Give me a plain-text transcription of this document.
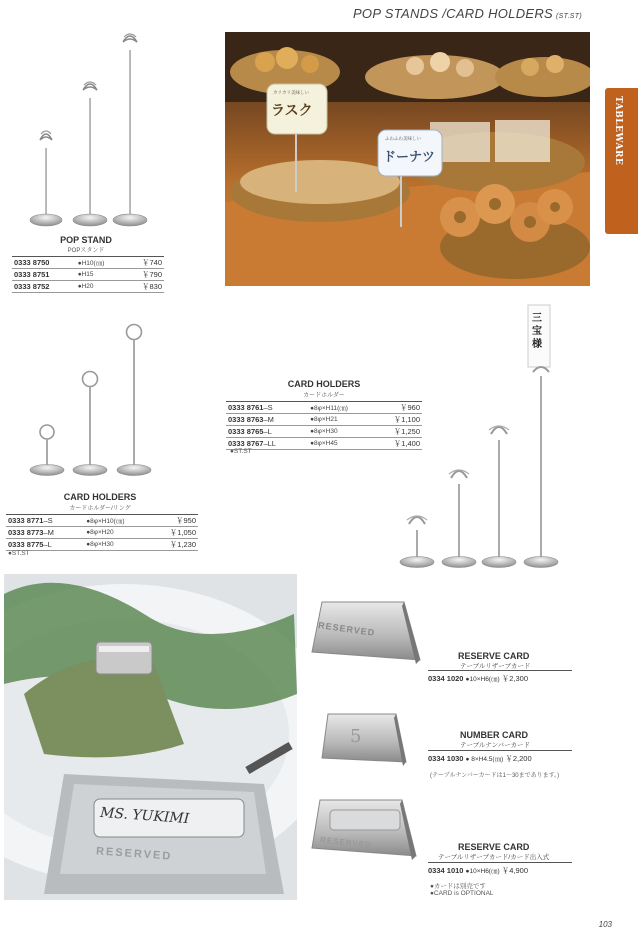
POP STANDS /CARD HOLDERS (ST.ST)
TABLEWARE
POP STAND
POPスタンド
0333 8750	●H10(㎝)	￥740
0333 8751	●H15	￥790
0333 8752	●H20	￥830
カリカリ美味しい
ラスク
ふわふわ美味しい
ドーナツ
CARD HOLDERS
カードホルダー/リング
0333 8771–S	●8φ×H10(㎝)	￥950
0333 8773–M	●8φ×H20	￥1,050
0333 8775–L	●8φ×H30	￥1,230
●ST.ST
CARD HOLDERS
カードホルダー
0333 8761–S	●8φ×H11(㎝)	￥960
0333 8763–M	●8φ×H21	￥1,100
0333 8765–L	●8φ×H30	￥1,250
0333 8767–LL	●8φ×H45	￥1,400
●ST.ST
三宝様
MS. YUKIMI
RESERVED
RESERVED
RESERVE CARD
テーブルリザーブカード
0334 1020 ●10×H6(㎝) ￥2,300
5	NUMBER CARD
テーブルナンバーカード
0334 1030 ● 8×H4.5(㎝) ￥2,200
(テーブルナンバーカードは1～30まであります。)
RESERVED	RESERVE CARD
テーブルリザーブカード/カード出入式
0334 1010 ●10×H6(㎝) ￥4,900
●カードは別売です
●CARD is OPTIONAL
103
